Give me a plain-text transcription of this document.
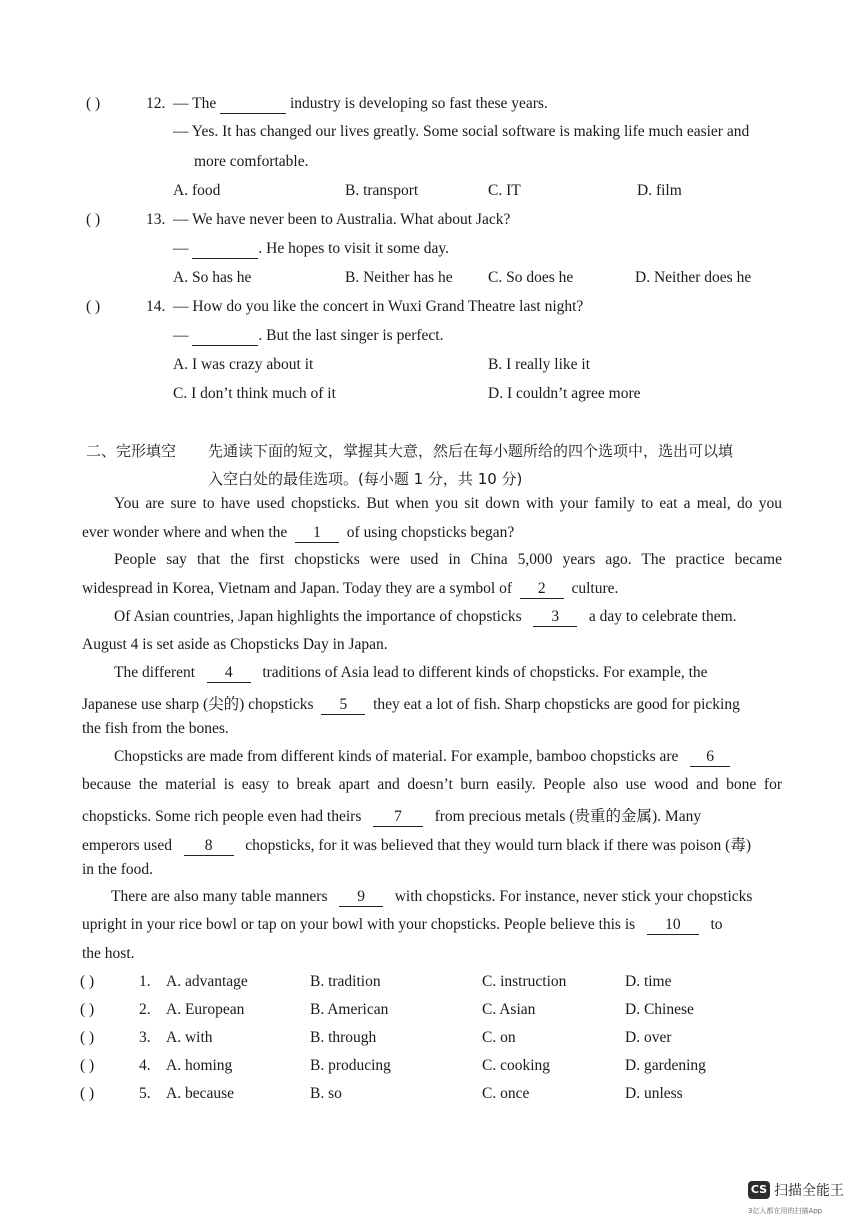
( )	12. — The	industry is developing so fast these years.
— Yes. It has changed our lives greatly. Some social software is making life much easier and
more comfortable.
A. food	B. transport	C. IT	D. film
( )	13. — We have never been to Australia. What about Jack?
—	. He hopes to visit it some day.
A. So has he	B. Neither has he C. So does he	D. Neither does he
( )	14. — How do you like the concert in Wuxi Grand Theatre last night?
—	. But the last singer is perfect.
A. I was crazy about it	B. I really like it
C. I don’t think much of it	D. I couldn’t agree more
二、完形填空 先通读下面的短文，掌握其大意，然后在每小题所给的四个选项中，选出可以填
入空白处的最佳选项。(每小题 1 分，共 10 分)
You are sure to have used chopsticks. But when you sit down with your family to eat a meal, do you
ever wonder where and when the 1 of using chopsticks began?
People say that the first chopsticks were used in China 5,000 years ago. The practice became
widespread in Korea, Vietnam and Japan. Today they are a symbol of 2 culture.
Of Asian countries, Japan highlights the importance of chopsticks 3 a day to celebrate them.
August 4 is set aside as Chopsticks Day in Japan.
The different 4 traditions of Asia lead to different kinds of chopsticks. For example, the
Japanese use sharp (尖的) chopsticks 5 they eat a lot of fish. Sharp chopsticks are good for picking
the fish from the bones.
Chopsticks are made from different kinds of material. For example, bamboo chopsticks are 6
because the material is easy to break apart and doesn’t burn easily. People also use wood and bone for
chopsticks. Some rich people even had theirs 7 from precious metals (贵重的金属). Many
emperors used 8 chopsticks, for it was believed that they would turn black if there was poison (毒)
in the food.
There are also many table manners 9 with chopsticks. For instance, never stick your chopsticks
upright in your rice bowl or tap on your bowl with your chopsticks. People believe this is 10 to
the host.
( )	1. A. advantage	B. tradition	C. instruction	D. time
( )	2. A. European	B. American	C. Asian	D. Chinese
( )	3. A. with	B. through	C. on	D. over
( )	4. A. homing	B. producing	C. cooking	D. gardening
( )	5. A. because	B. so	C. once	D. unless
CS 扫描全能王
3亿人都在用的扫描App
